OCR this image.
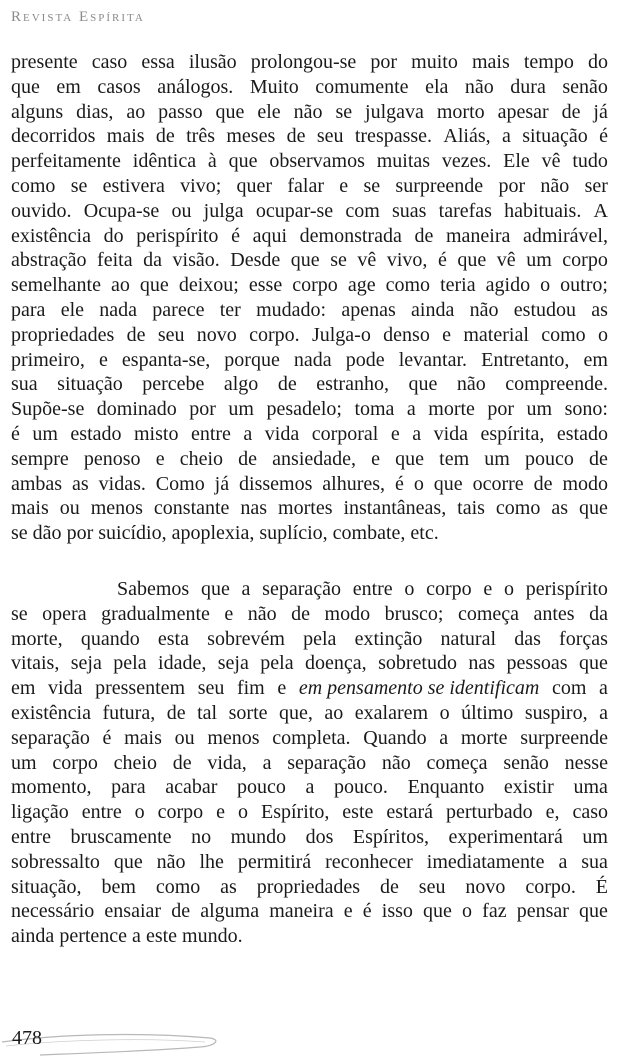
Revista Espírita
presente caso essa ilusão prolongou-se por muito mais tempo do
que em casos análogos. Muito comumente ela não dura senão
alguns dias, ao passo que ele não se julgava morto apesar de já
decorridos mais de três meses de seu trespasse. Aliás, a situação é
perfeitamente idêntica à que observamos muitas vezes. Ele vê tudo
como se estivera vivo; quer falar e se surpreende por não ser
ouvido. Ocupa-se ou julga ocupar-se com suas tarefas habituais. A
existência do perispírito é aqui demonstrada de maneira admirável,
abstração feita da visão. Desde que se vê vivo, é que vê um corpo
semelhante ao que deixou; esse corpo age como teria agido o outro;
para ele nada parece ter mudado: apenas ainda não estudou as
propriedades de seu novo corpo. Julga-o denso e material como o
primeiro, e espanta-se, porque nada pode levantar. Entretanto, em
sua situação percebe algo de estranho, que não compreende.
Supõe-se dominado por um pesadelo; toma a morte por um sono:
é um estado misto entre a vida corporal e a vida espírita, estado
sempre penoso e cheio de ansiedade, e que tem um pouco de
ambas as vidas. Como já dissemos alhures, é o que ocorre de modo
mais ou menos constante nas mortes instantâneas, tais como as que
se dão por suicídio, apoplexia, suplício, combate, etc.
Sabemos que a separação entre o corpo e o perispírito
se opera gradualmente e não de modo brusco; começa antes da
morte, quando esta sobrevém pela extinção natural das forças
vitais, seja pela idade, seja pela doença, sobretudo nas pessoas que
em vida pressentem seu fim e em pensamento se identificam com a
existência futura, de tal sorte que, ao exalarem o último suspiro, a
separação é mais ou menos completa. Quando a morte surpreende
um corpo cheio de vida, a separação não começa senão nesse
momento, para acabar pouco a pouco. Enquanto existir uma
ligação entre o corpo e o Espírito, este estará perturbado e, caso
entre bruscamente no mundo dos Espíritos, experimentará um
sobressalto que não lhe permitirá reconhecer imediatamente a sua
situação, bem como as propriedades de seu novo corpo. É
necessário ensaiar de alguma maneira e é isso que o faz pensar que
ainda pertence a este mundo.
478
